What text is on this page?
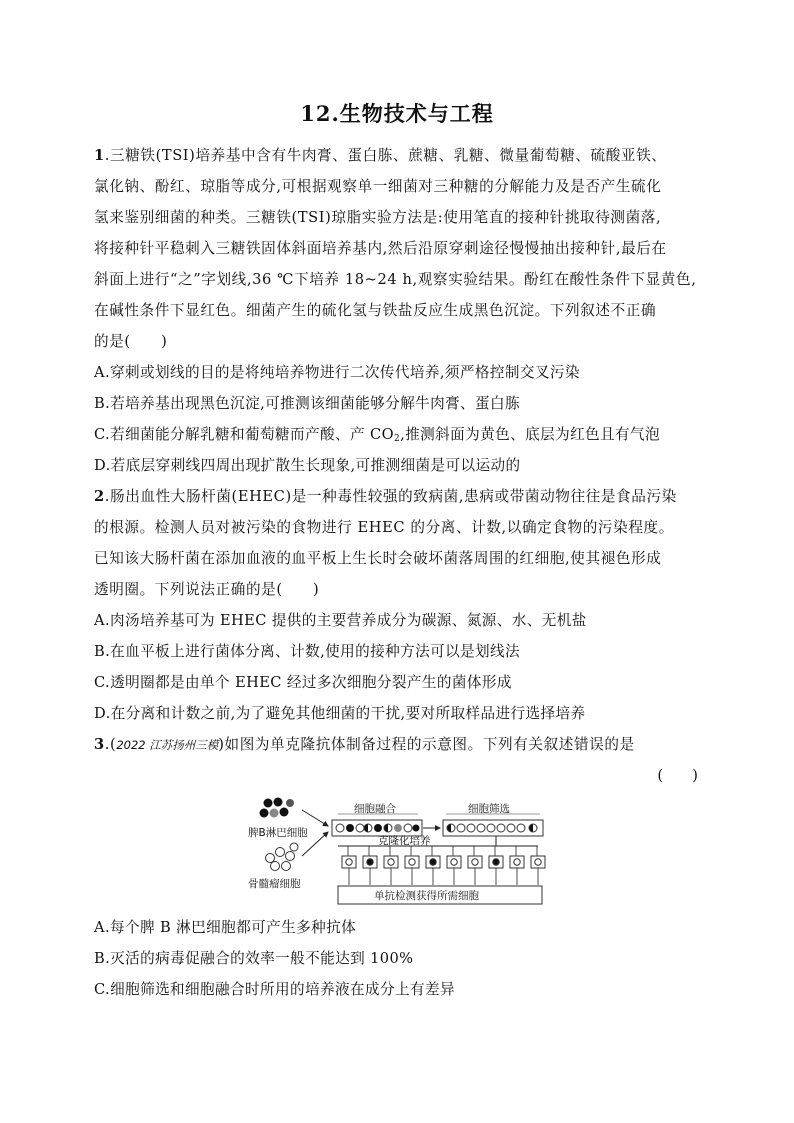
12.生物技术与工程
1.三糖铁(TSI)培养基中含有牛肉膏、蛋白胨、蔗糖、乳糖、微量葡萄糖、硫酸亚铁、
氯化钠、酚红、琼脂等成分,可根据观察单一细菌对三种糖的分解能力及是否产生硫化
氢来鉴别细菌的种类。三糖铁(TSI)琼脂实验方法是:使用笔直的接种针挑取待测菌落,
将接种针平稳刺入三糖铁固体斜面培养基内,然后沿原穿刺途径慢慢抽出接种针,最后在
斜面上进行“之”字划线,36 ℃下培养 18~24 h,观察实验结果。酚红在酸性条件下显黄色,
在碱性条件下显红色。细菌产生的硫化氢与铁盐反应生成黑色沉淀。下列叙述不正确
的是(　　)
A.穿刺或划线的目的是将纯培养物进行二次传代培养,须严格控制交叉污染
B.若培养基出现黑色沉淀,可推测该细菌能够分解牛肉膏、蛋白胨
C.若细菌能分解乳糖和葡萄糖而产酸、产 $CO_2$,推测斜面为黄色、底层为红色且有气泡
D.若底层穿刺线四周出现扩散生长现象,可推测细菌是可以运动的
2.肠出血性大肠杆菌(EHEC)是一种毒性较强的致病菌,患病或带菌动物往往是食品污染
的根源。检测人员对被污染的食物进行 EHEC 的分离、计数,以确定食物的污染程度。
已知该大肠杆菌在添加血液的血平板上生长时会破坏菌落周围的红细胞,使其褪色形成
透明圈。下列说法正确的是(　　)
A.肉汤培养基可为 EHEC 提供的主要营养成分为碳源、氮源、水、无机盐
B.在血平板上进行菌体分离、计数,使用的接种方法可以是划线法
C.透明圈都是由单个 EHEC 经过多次细胞分裂产生的菌体形成
D.在分离和计数之前,为了避免其他细菌的干扰,要对所取样品进行选择培养
3.(2022 江苏扬州三模)如图为单克隆抗体制备过程的示意图。下列有关叙述错误的是
(　　)
脾B淋巴细胞
骨髓瘤细胞
细胞融合	细胞筛选
克隆化培养
单抗检测获得所需细胞
A.每个脾 B 淋巴细胞都可产生多种抗体
B.灭活的病毒促融合的效率一般不能达到 100%
C.细胞筛选和细胞融合时所用的培养液在成分上有差异
